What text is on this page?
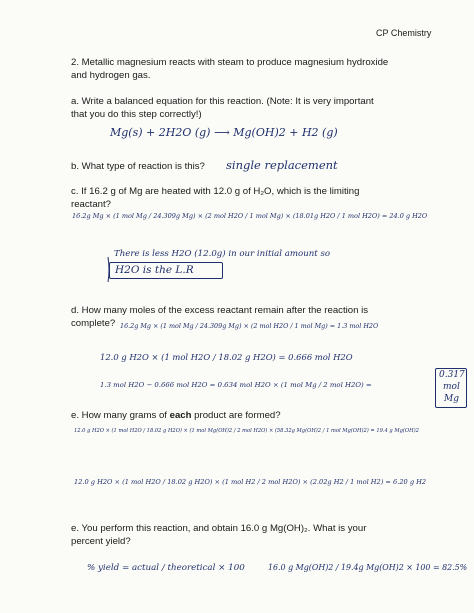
CP Chemistry
2. Metallic magnesium reacts with steam to produce magnesium hydroxide
and hydrogen gas.
a. Write a balanced equation for this reaction. (Note: It is very important
that you do this step correctly!)
Mg(s) + 2H2O (g) ⟶ Mg(OH)2 + H2 (g)
b. What type of reaction is this? single replacement
c. If 16.2 g of Mg are heated with 12.0 g of H₂O, which is the limiting
reactant?
16.2g Mg × (1 mol Mg / 24.309g Mg) × (2 mol H2O / 1 mol Mg) × (18.01g H2O / 1 mol H2O) = 24.0 g H2O
There is less H2O (12.0g) in our initial amount so
H2O is the L.R
d. How many moles of the excess reactant remain after the reaction is
complete? 16.2g Mg × (1 mol Mg / 24.309g Mg) × (2 mol H2O / 1 mol Mg) = 1.3 mol H2O
12.0 g H2O × (1 mol H2O / 18.02 g H2O) = 0.666 mol H2O
1.3 mol H2O − 0.666 mol H2O = 0.634 mol H2O × (1 mol Mg / 2 mol H2O) =
0.317
mol
Mg
e. How many grams of each product are formed?
12.0 g H2O × (1 mol H2O / 18.02 g H2O) × (1 mol Mg(OH)2 / 2 mol H2O) × (58.32g Mg(OH)2 / 1 mol Mg(OH)2) = 19.4 g Mg(OH)2
12.0 g H2O × (1 mol H2O / 18.02 g H2O) × (1 mol H2 / 2 mol H2O) × (2.02g H2 / 1 mol H2) = 6.20 g H2
e. You perform this reaction, and obtain 16.0 g Mg(OH)₂. What is your
percent yield?
% yield = actual / theoretical × 100	16.0 g Mg(OH)2 / 19.4g Mg(OH)2 × 100 = 82.5%
